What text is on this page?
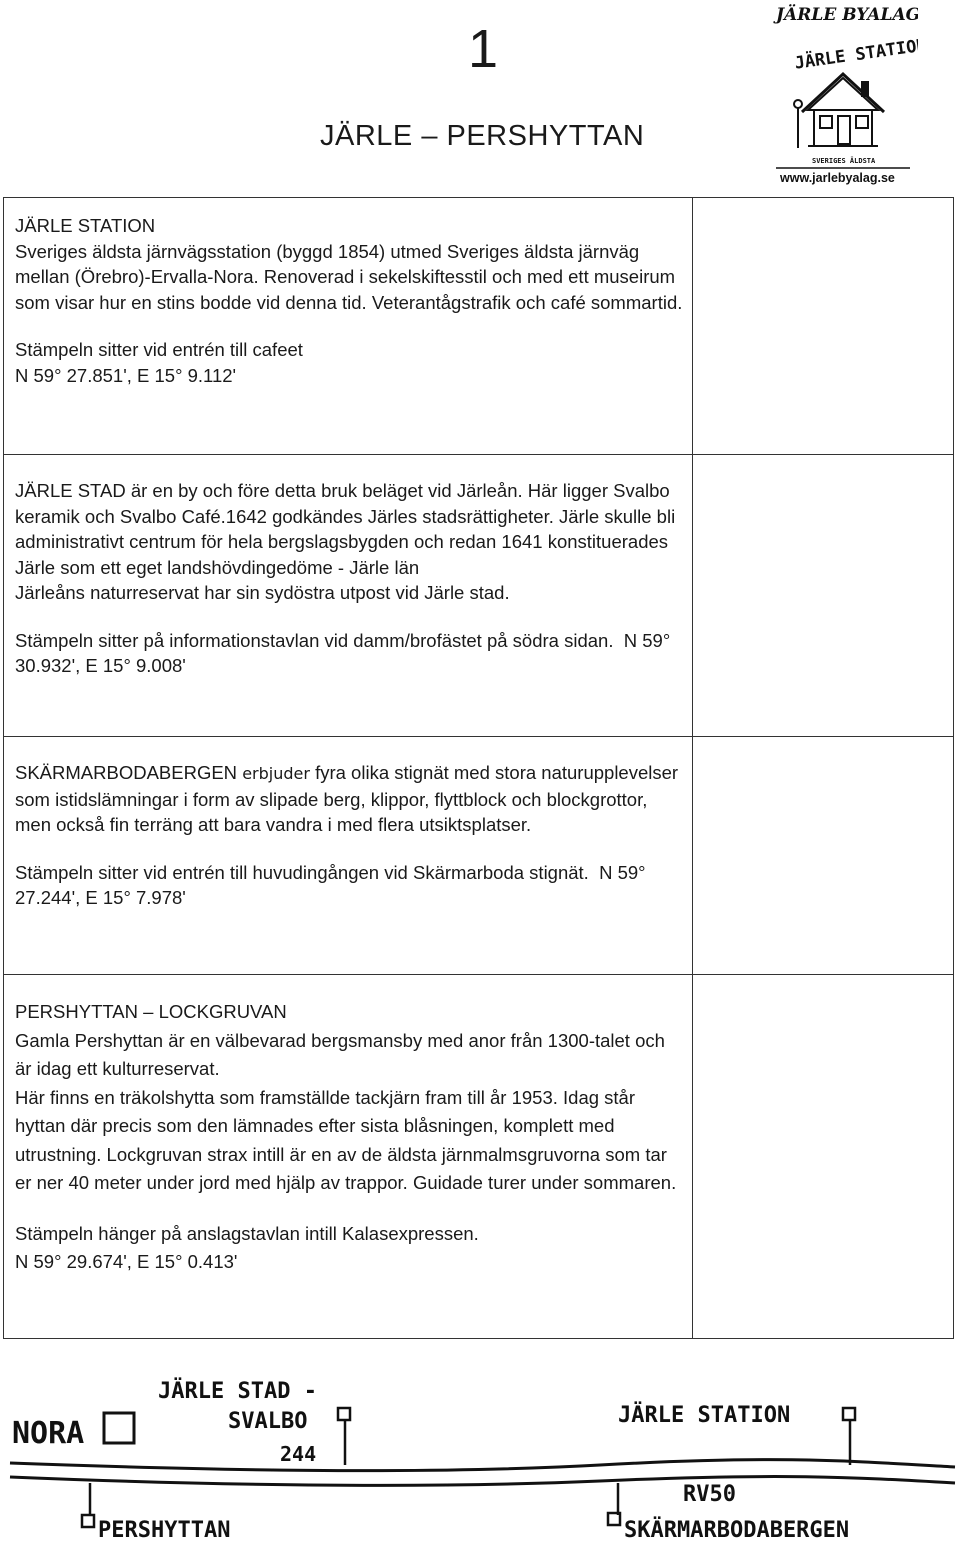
1
JÄRLE – PERSHYTTAN
JÄRLE BYALAG
JÄRLE STATION
SVERIGES ÄLDSTA
www.jarlebyalag.se

JÄRLE STATION

Sveriges äldsta järnvägsstation (byggd 1854) utmed Sveriges äldsta järnväg mellan (Örebro)-Ervalla-Nora. Renoverad i sekelskiftesstil och med ett museirum som visar hur en stins bodde vid denna tid. Veterantågstrafik och café sommartid.

Stämpeln sitter vid entrén till cafeet

N 59° 27.851', E 15° 9.112'

JÄRLE STAD är en by och före detta bruk beläget vid Järleån. Här ligger Svalbo keramik och Svalbo Café.1642 godkändes Järles stadsrättigheter. Järle skulle bli administrativt centrum för hela bergslagsbygden och redan 1641 konstituerades Järle som ett eget landshövdingedöme - Järle län

Järleåns naturreservat har sin sydöstra utpost vid Järle stad.

Stämpeln sitter på informationstavlan vid damm/brofästet på södra sidan. N 59° 30.932', E 15° 9.008'

SKÄRMARBODABERGEN erbjuder fyra olika stignät med stora naturupplevelser som istidslämningar i form av slipade berg, klippor, flyttblock och blockgrottor, men också fin terräng att bara vandra i med flera utsiktsplatser.

Stämpeln sitter vid entrén till huvudingången vid Skärmarboda stignät. N 59° 27.244', E 15° 7.978'

PERSHYTTAN – LOCKGRUVAN

Gamla Pershyttan är en välbevarad bergsmansby med anor från 1300-talet och är idag ett kulturreservat.

Här finns en träkolshytta som framställde tackjärn fram till år 1953. Idag står hyttan där precis som den lämnades efter sista blåsningen, komplett med utrustning. Lockgruvan strax intill är en av de äldsta järnmalmsgruvorna som tar er ner 40 meter under jord med hjälp av trappor. Guidade turer under sommaren.

Stämpeln hänger på anslagstavlan intill Kalasexpressen.

N 59° 29.674', E 15° 0.413'

NORA
JÄRLE STAD -
SVALBO	JÄRLE STATION
244
RV50
PERSHYTTAN	SKÄRMARBODABERGEN
